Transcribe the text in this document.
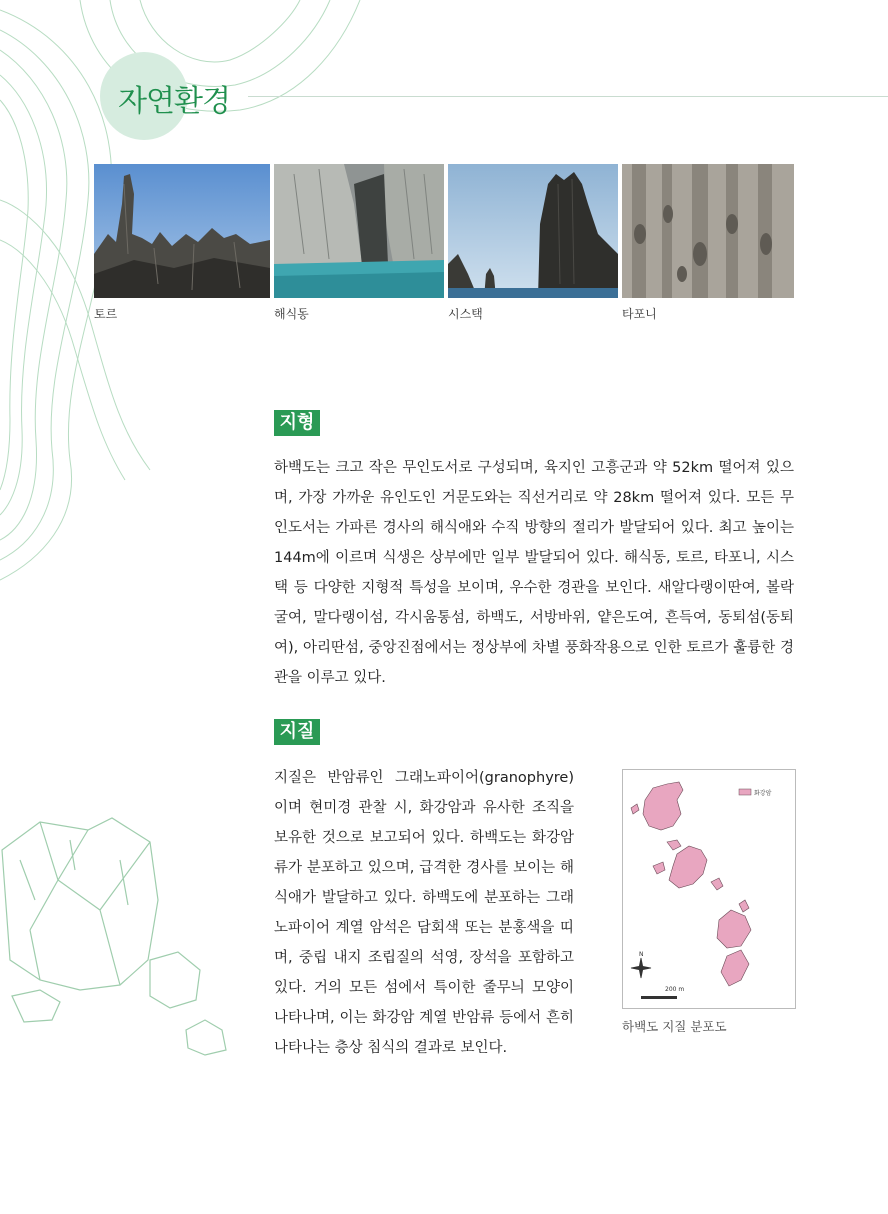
자연환경
토르	해식동	시스택	타포니
지형

하백도는 크고 작은 무인도서로 구성되며, 육지인 고흥군과 약 52km 떨어져 있으며, 가장 가까운 유인도인 거문도와는 직선거리로 약 28km 떨어져 있다. 모든 무인도서는 가파른 경사의 해식애와 수직 방향의 절리가 발달되어 있다. 최고 높이는 144m에 이르며 식생은 상부에만 일부 발달되어 있다. 해식동, 토르, 타포니, 시스택 등 다양한 지형적 특성을 보이며, 우수한 경관을 보인다. 새알다랭이딴여, 볼락굴여, 말다랭이섬, 각시움통섬, 하백도, 서방바위, 얕은도여, 흔득여, 동퇴섬(동퇴여), 아리딴섬, 중앙진점에서는 정상부에 차별 풍화작용으로 인한 토르가 훌륭한 경관을 이루고 있다.

지질

지질은 반암류인 그래노파이어(granophyre)이며 현미경 관찰 시, 화강암과 유사한 조직을 보유한 것으로 보고되어 있다. 하백도는 화강암류가 분포하고 있으며, 급격한 경사를 보이는 해식애가 발달하고 있다. 하백도에 분포하는 그래노파이어 계열 암석은 담회색 또는 분홍색을 띠며, 중립 내지 조립질의 석영, 장석을 포함하고 있다. 거의 모든 섬에서 특이한 줄무늬 모양이 나타나며, 이는 화강암 계열 반암류 등에서 흔히 나타나는 층상 침식의 결과로 보인다.

화강암
N
200 m
하백도 지질 분포도
